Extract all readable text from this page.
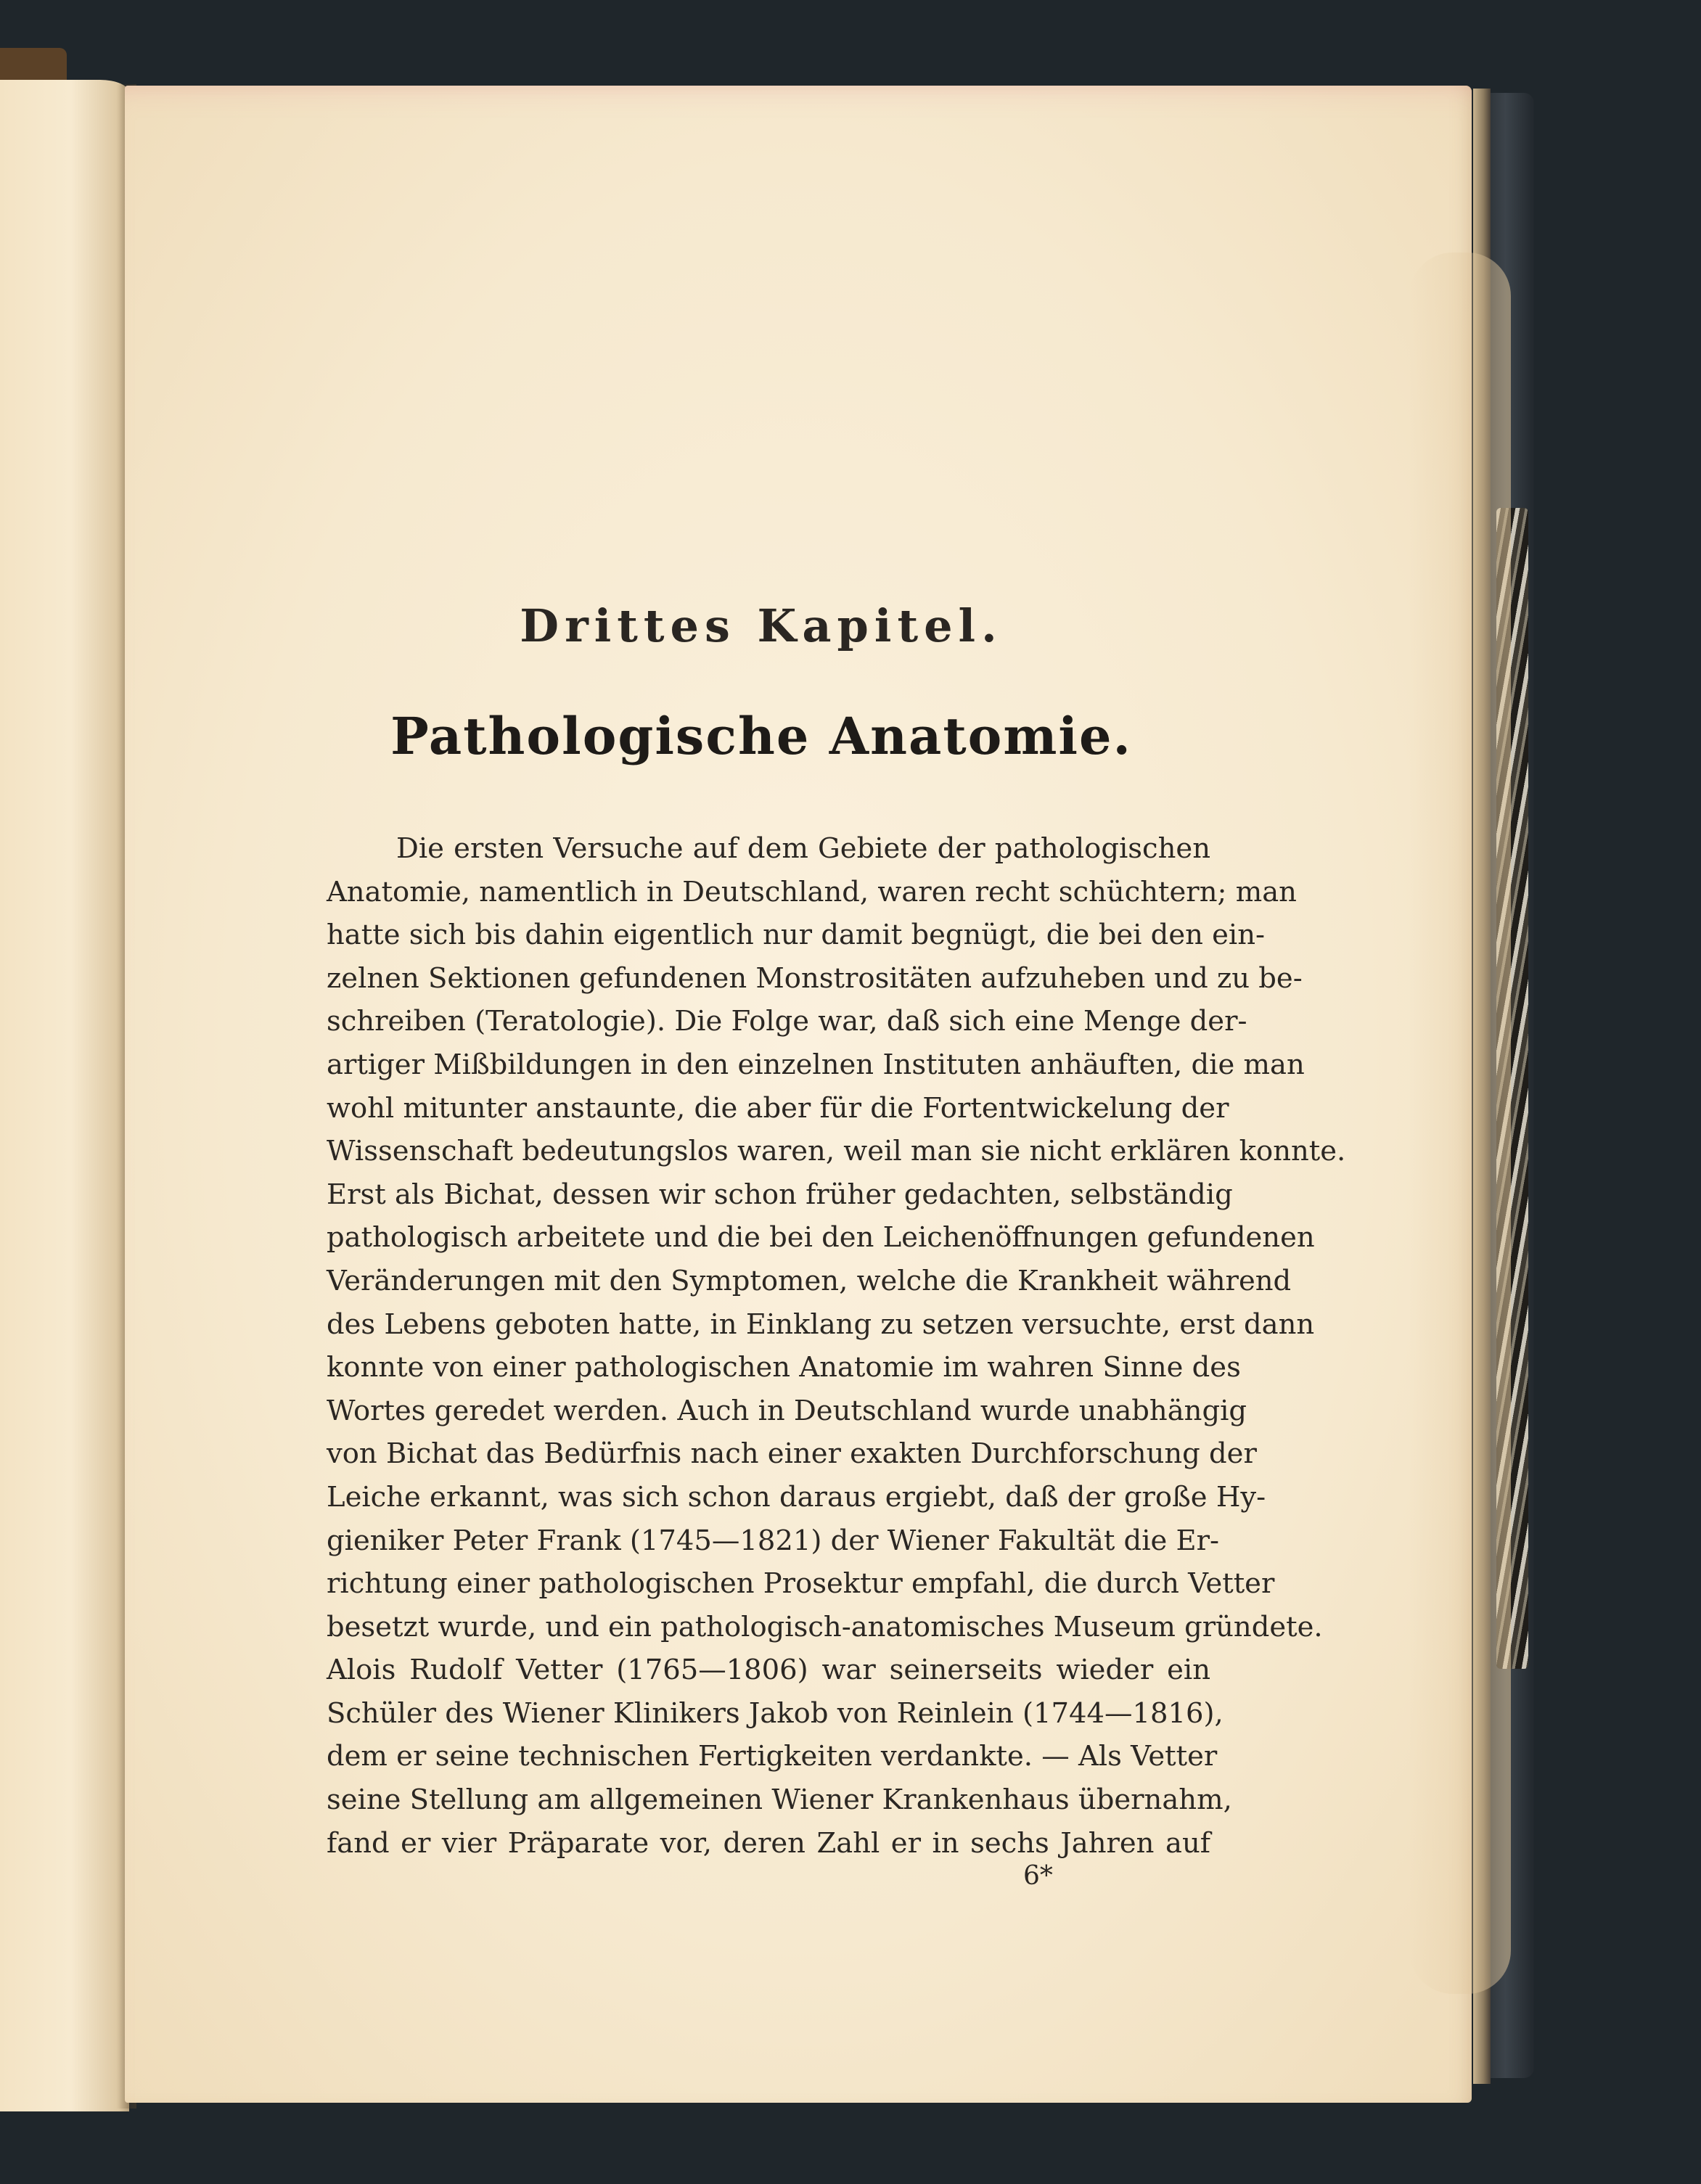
Drittes Kapitel.
Pathologische Anatomie.
Die ersten Versuche auf dem Gebiete der pathologischen
Anatomie, namentlich in Deutschland, waren recht schüchtern; man
hatte sich bis dahin eigentlich nur damit begnügt, die bei den ein-
zelnen Sektionen gefundenen Monstrositäten aufzuheben und zu be-
schreiben (Teratologie). Die Folge war, daß sich eine Menge der-
artiger Mißbildungen in den einzelnen Instituten anhäuften, die man
wohl mitunter anstaunte, die aber für die Fortentwickelung der
Wissenschaft bedeutungslos waren, weil man sie nicht erklären konnte.
Erst als Bichat, dessen wir schon früher gedachten, selbständig
pathologisch arbeitete und die bei den Leichenöffnungen gefundenen
Veränderungen mit den Symptomen, welche die Krankheit während
des Lebens geboten hatte, in Einklang zu setzen versuchte, erst dann
konnte von einer pathologischen Anatomie im wahren Sinne des
Wortes geredet werden. Auch in Deutschland wurde unabhängig
von Bichat das Bedürfnis nach einer exakten Durchforschung der
Leiche erkannt, was sich schon daraus ergiebt, daß der große Hy-
gieniker Peter Frank (1745—1821) der Wiener Fakultät die Er-
richtung einer pathologischen Prosektur empfahl, die durch Vetter
besetzt wurde, und ein pathologisch-anatomisches Museum gründete.
Alois Rudolf Vetter (1765—1806) war seinerseits wieder ein
Schüler des Wiener Klinikers Jakob von Reinlein (1744—1816),
dem er seine technischen Fertigkeiten verdankte. — Als Vetter
seine Stellung am allgemeinen Wiener Krankenhaus übernahm,
fand er vier Präparate vor, deren Zahl er in sechs Jahren auf
6*
